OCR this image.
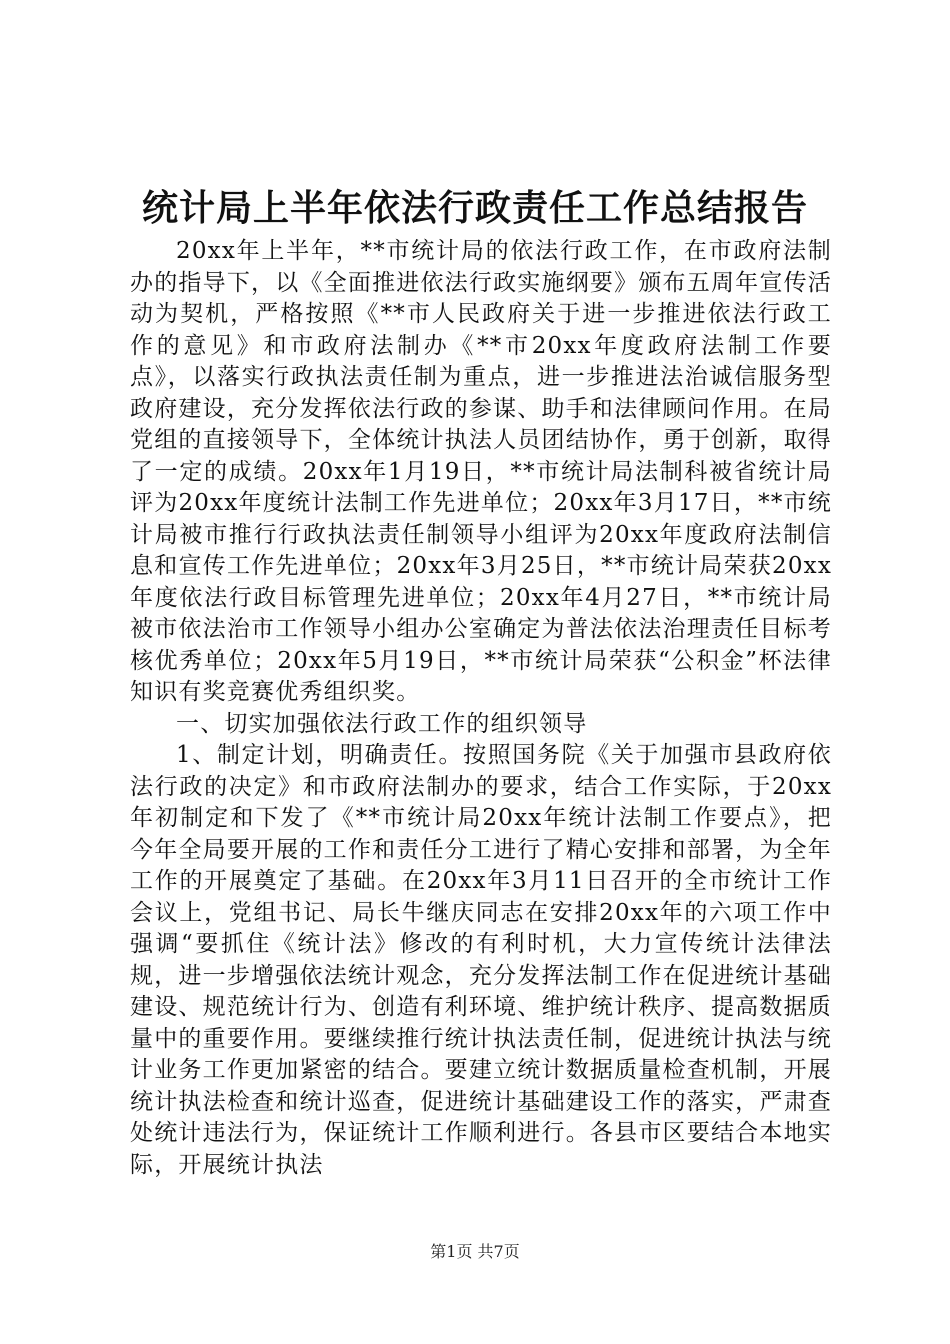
统计局上半年依法行政责任工作总结报告

20xx年上半年，**市统计局的依法行政工作，在市政府法制办的指导下，以《全面推进依法行政实施纲要》颁布五周年宣传活动为契机，严格按照《**市人民政府关于进一步推进依法行政工作的意见》和市政府法制办《**市20xx年度政府法制工作要点》，以落实行政执法责任制为重点，进一步推进法治诚信服务型政府建设，充分发挥依法行政的参谋、助手和法律顾问作用。在局党组的直接领导下，全体统计执法人员团结协作，勇于创新，取得了一定的成绩。20xx年1月19日，**市统计局法制科被省统计局评为20xx年度统计法制工作先进单位；20xx年3月17日，**市统计局被市推行行政执法责任制领导小组评为20xx年度政府法制信息和宣传工作先进单位；20xx年3月25日，**市统计局荣获20xx年度依法行政目标管理先进单位；20xx年4月27日，**市统计局被市依法治市工作领导小组办公室确定为普法依法治理责任目标考核优秀单位；20xx年5月19日，**市统计局荣获“公积金”杯法律知识有奖竞赛优秀组织奖。

一、切实加强依法行政工作的组织领导

1、制定计划，明确责任。按照国务院《关于加强市县政府依法行政的决定》和市政府法制办的要求，结合工作实际，于20xx年初制定和下发了《**市统计局20xx年统计法制工作要点》，把今年全局要开展的工作和责任分工进行了精心安排和部署，为全年工作的开展奠定了基础。在20xx年3月11日召开的全市统计工作会议上，党组书记、局长牛继庆同志在安排20xx年的六项工作中强调“要抓住《统计法》修改的有利时机，大力宣传统计法律法规，进一步增强依法统计观念，充分发挥法制工作在促进统计基础建设、规范统计行为、创造有利环境、维护统计秩序、提高数据质量中的重要作用。要继续推行统计执法责任制，促进统计执法与统计业务工作更加紧密的结合。要建立统计数据质量检查机制，开展统计执法检查和统计巡查，促进统计基础建设工作的落实，严肃查处统计违法行为，保证统计工作顺利进行。各县市区要结合本地实际，开展统计执法

第1页 共7页
